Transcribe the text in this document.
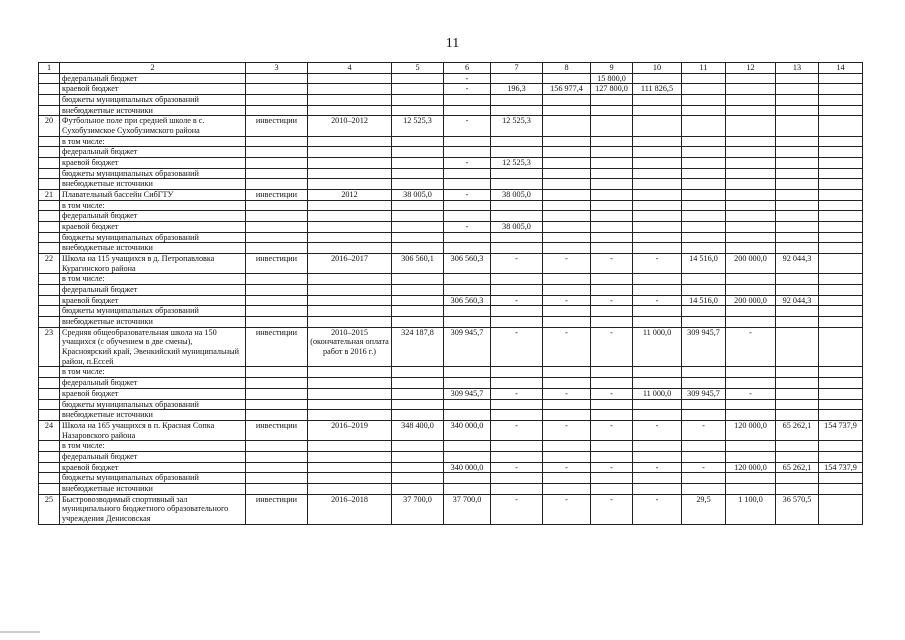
11
1	2	3	4	5	6	7	8	9	10	11	12	13	14
	федеральный бюджет				-			15 800,0					
	краевой бюджет				-	196,3	156 977,4	127 800,0	111 826,5				
	бюджеты муниципальных образований												
	внебюджетные источники												
20	Футбольное поле при средней школе в с. Сухобузимское Сухобузимского района	инвестиции	2010–2012	12 525,3	-	12 525,3							
	в том числе:												
	федеральный бюджет												
	краевой бюджет				-	12 525,3							
	бюджеты муниципальных образований												
	внебюджетные источники												
21	Плавательный бассейн СибГТУ	инвестиции	2012	38 005,0	-	38 005,0							
	в том числе:												
	федеральный бюджет												
	краевой бюджет				-	38 005,0							
	бюджеты муниципальных образований												
	внебюджетные источники												
22	Школа на 115 учащихся в д. Петропавловка Курагинского района	инвестиции	2016–2017	306 560,1	306 560,3	-	-	-	-	14 516,0	200 000,0	92 044,3	
	в том числе:												
	федеральный бюджет												
	краевой бюджет				306 560,3	-	-	-	-	14 516,0	200 000,0	92 044,3	
	бюджеты муниципальных образований												
	внебюджетные источники												
23	Средняя общеобразовательная школа на 150 учащихся (с обучением в две смены), Красноярский край, Эвенкийский муниципальный район, п.Ессей	инвестиции	2010–2015 (окончательная оплата работ в 2016 г.)	324 187,8	309 945,7	-	-	-	11 000,0	309 945,7	-		
	в том числе:												
	федеральный бюджет												
	краевой бюджет				309 945,7	-	-	-	11 000,0	309 945,7	-		
	бюджеты муниципальных образований												
	внебюджетные источники												
24	Школа на 165 учащихся в п. Красная Сопка Назаровского района	инвестиции	2016–2019	348 400,0	340 000,0	-	-	-	-	-	120 000,0	65 262,1	154 737,9
	в том числе:												
	федеральный бюджет												
	краевой бюджет				340 000,0	-	-	-	-	-	120 000,0	65 262,1	154 737,9
	бюджеты муниципальных образований												
	внебюджетные источники												
25	Быстровозводимый спортивный зал муниципального бюджетного образовательного учреждения Денисовская	инвестиции	2016–2018	37 700,0	37 700,0	-	-	-	-	29,5	1 100,0	36 570,5	
